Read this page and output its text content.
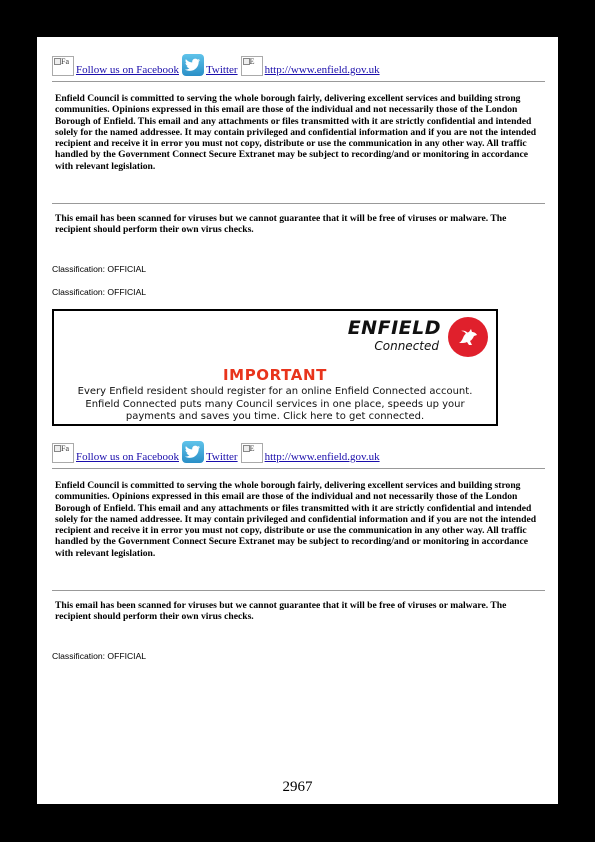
Fa
Follow us on Facebook Twitter
E
http://www.enfield.gov.uk

Enfield Council is committed to serving the whole borough fairly, delivering excellent services and building strong communities. Opinions expressed in this email are those of the individual and not necessarily those of the London Borough of Enfield. This email and any attachments or files transmitted with it are strictly confidential and intended solely for the named addressee. It may contain privileged and confidential information and if you are not the intended recipient and receive it in error you must not copy, distribute or use the communication in any other way. All traffic handled by the Government Connect Secure Extranet may be subject to recording/and or monitoring in accordance with relevant legislation.

This email has been scanned for viruses but we cannot guarantee that it will be free of viruses or malware. The recipient should perform their own virus checks.

Classification: OFFICIAL
Classification: OFFICIAL
ENFIELD
Connected
IMPORTANT

Every Enfield resident should register for an online Enfield Connected account. Enfield Connected puts many Council services in one place, speeds up your payments and saves you time. Click here to get connected.

Fa
Follow us on Facebook Twitter
E
http://www.enfield.gov.uk

Enfield Council is committed to serving the whole borough fairly, delivering excellent services and building strong communities. Opinions expressed in this email are those of the individual and not necessarily those of the London Borough of Enfield. This email and any attachments or files transmitted with it are strictly confidential and intended solely for the named addressee. It may contain privileged and confidential information and if you are not the intended recipient and receive it in error you must not copy, distribute or use the communication in any other way. All traffic handled by the Government Connect Secure Extranet may be subject to recording/and or monitoring in accordance with relevant legislation.

This email has been scanned for viruses but we cannot guarantee that it will be free of viruses or malware. The recipient should perform their own virus checks.

Classification: OFFICIAL
2967
